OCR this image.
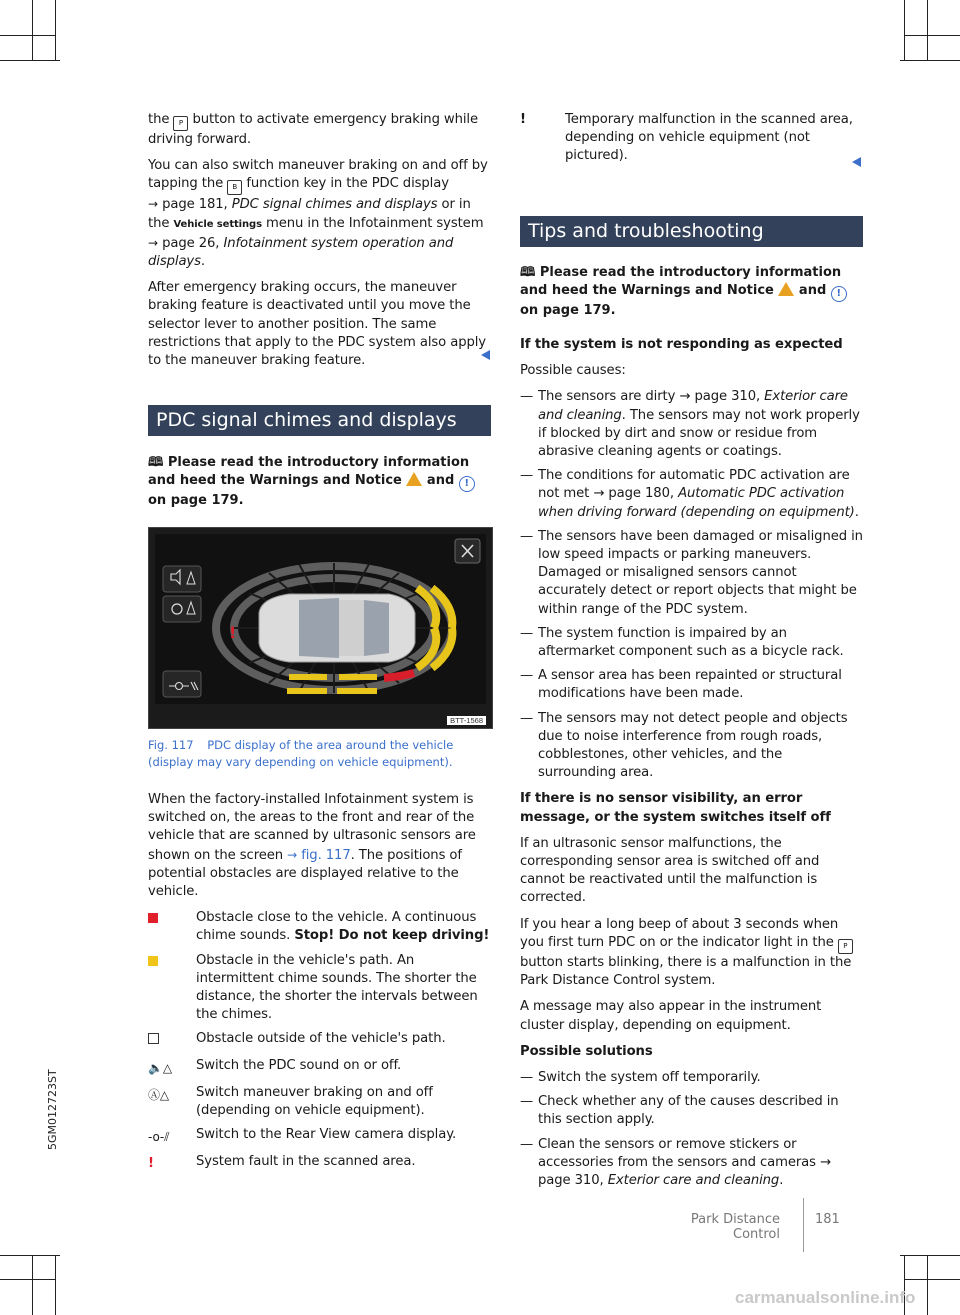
5GM012723ST

the P button to activate emergency braking while driving forward.

You can also switch maneuver braking on and off by tapping the B function key in the PDC display
→ page 181, PDC signal chimes and displays or in the Vehicle settings menu in the Infotainment system
→ page 26, Infotainment system operation and displays.

After emergency braking occurs, the maneuver braking feature is deactivated until you move the selector lever to another position. The same restrictions that apply to the PDC system also apply to the maneuver braking feature.

PDC signal chimes and displays
🕮 Please read the introductory information and heed the Warnings and Notice and ! on page 179.
!
BTT-1568
Fig. 117 PDC display of the area around the vehicle (display may vary depending on vehicle equipment).

When the factory-installed Infotainment system is switched on, the areas to the front and rear of the vehicle that are scanned by ultrasonic sensors are shown on the screen → fig. 117. The positions of potential obstacles are displayed relative to the vehicle.

Obstacle close to the vehicle. A continuous chime sounds. Stop! Do not keep driving!
Obstacle in the vehicle's path. An intermittent chime sounds. The shorter the distance, the shorter the intervals between the chimes.
Obstacle outside of the vehicle's path.
🔈△	Switch the PDC sound on or off.
Ⓐ△	Switch maneuver braking on and off (depending on vehicle equipment).
-o-⫽	Switch to the Rear View camera display.
!	System fault in the scanned area.
!	Temporary malfunction in the scanned area, depending on vehicle equipment (not pictured).
Tips and troubleshooting
🕮 Please read the introductory information and heed the Warnings and Notice and ! on page 179.

If the system is not responding as expected

Possible causes:

— The sensors are dirty → page 310, Exterior care and cleaning. The sensors may not work properly if blocked by dirt and snow or residue from abrasive cleaning agents or coatings.
— The conditions for automatic PDC activation are not met → page 180, Automatic PDC activation when driving forward (depending on equipment).
— The sensors have been damaged or misaligned in low speed impacts or parking maneuvers. Damaged or misaligned sensors cannot accurately detect or report objects that might be within range of the PDC system.
— The system function is impaired by an aftermarket component such as a bicycle rack.
— A sensor area has been repainted or structural modifications have been made.
— The sensors may not detect people and objects due to noise interference from rough roads, cobblestones, other vehicles, and the surrounding area.

If there is no sensor visibility, an error message, or the system switches itself off

If an ultrasonic sensor malfunctions, the corresponding sensor area is switched off and cannot be reactivated until the malfunction is corrected.

If you hear a long beep of about 3 seconds when you first turn PDC on or the indicator light in the P button starts blinking, there is a malfunction in the Park Distance Control system.

A message may also appear in the instrument cluster display, depending on equipment.

Possible solutions

— Switch the system off temporarily.
— Check whether any of the causes described in this section apply.
— Clean the sensors or remove stickers or accessories from the sensors and cameras → page 310, Exterior care and cleaning.
Park Distance Control
181
carmanualsonline.info
